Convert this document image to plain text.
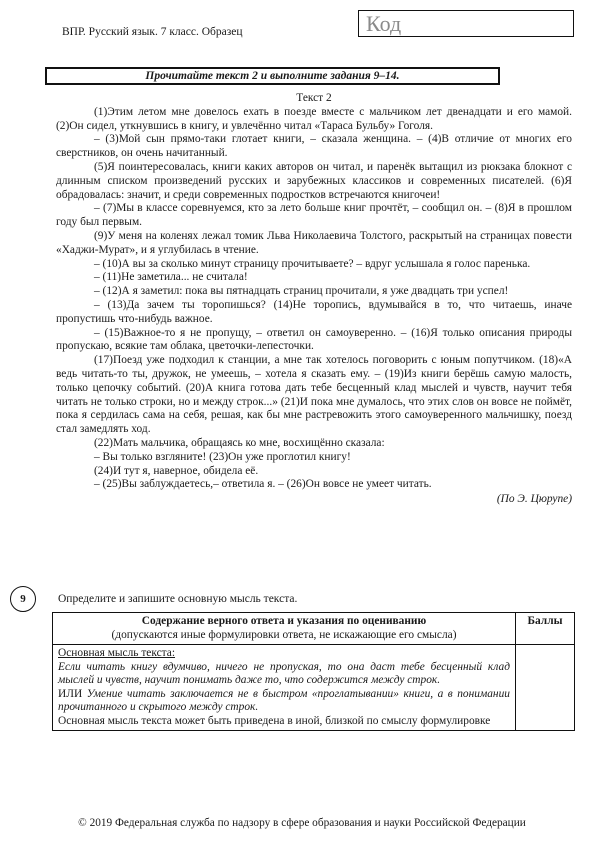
ВПР. Русский язык. 7 класс. Образец	Код
Прочитайте текст 2 и выполните задания 9–14.
Текст 2

(1)Этим летом мне довелось ехать в поезде вместе с мальчиком лет двенадцати и его мамой. (2)Он сидел, уткнувшись в книгу, и увлечённо читал «Тараса Бульбу» Гоголя.

– (3)Мой сын прямо-таки глотает книги, – сказала женщина. – (4)В отличие от многих его сверстников, он очень начитанный.

(5)Я поинтересовалась, книги каких авторов он читал, и паренёк вытащил из рюкзака блокнот с длинным списком произведений русских и зарубежных классиков и современных писателей. (6)Я обрадовалась: значит, и среди современных подростков встречаются книгочеи!

– (7)Мы в классе соревнуемся, кто за лето больше книг прочтёт, – сообщил он. – (8)Я в прошлом году был первым.

(9)У меня на коленях лежал томик Льва Николаевича Толстого, раскрытый на страницах повести «Хаджи-Мурат», и я углубилась в чтение.

– (10)А вы за сколько минут страницу прочитываете? – вдруг услышала я голос паренька.

– (11)Не заметила... не считала!

– (12)А я заметил: пока вы пятнадцать страниц прочитали, я уже двадцать три успел!

– (13)Да зачем ты торопишься? (14)Не торопись, вдумывайся в то, что читаешь, иначе пропустишь что-нибудь важное.

– (15)Важное-то я не пропущу, – ответил он самоуверенно. – (16)Я только описания природы пропускаю, всякие там облака, цветочки-лепесточки.

(17)Поезд уже подходил к станции, а мне так хотелось поговорить с юным попутчиком. (18)«А ведь читать-то ты, дружок, не умеешь, – хотела я сказать ему. – (19)Из книги берёшь самую малость, только цепочку событий. (20)А книга готова дать тебе бесценный клад мыслей и чувств, научит тебя читать не только строки, но и между строк...» (21)И пока мне думалось, что этих слов он вовсе не поймёт, пока я сердилась сама на себя, решая, как бы мне растревожить этого самоуверенного мальчишку, поезд стал замедлять ход.

(22)Мать мальчика, обращаясь ко мне, восхищённо сказала:

– Вы только взгляните! (23)Он уже проглотил книгу!

(24)И тут я, наверное, обидела её.

– (25)Вы заблуждаетесь,– ответила я. – (26)Он вовсе не умеет читать.

(По Э. Цюрупе)
9	Определите и запишите основную мысль текста.
Содержание верного ответа и указания по оцениванию
(допускаются иные формулировки ответа, не искажающие его смысла)	Баллы

Основная мысль текста:
Если читать книгу вдумчиво, ничего не пропуская, то она даст тебе бесценный клад мыслей и чувств, научит понимать даже то, что содержится между строк.
ИЛИ Умение читать заключается не в быстром «проглатывании» книги, а в понимании прочитанного и скрытого между строк.
Основная мысль текста может быть приведена в иной, близкой по смыслу формулировке	

© 2019 Федеральная служба по надзору в сфере образования и науки Российской Федерации
